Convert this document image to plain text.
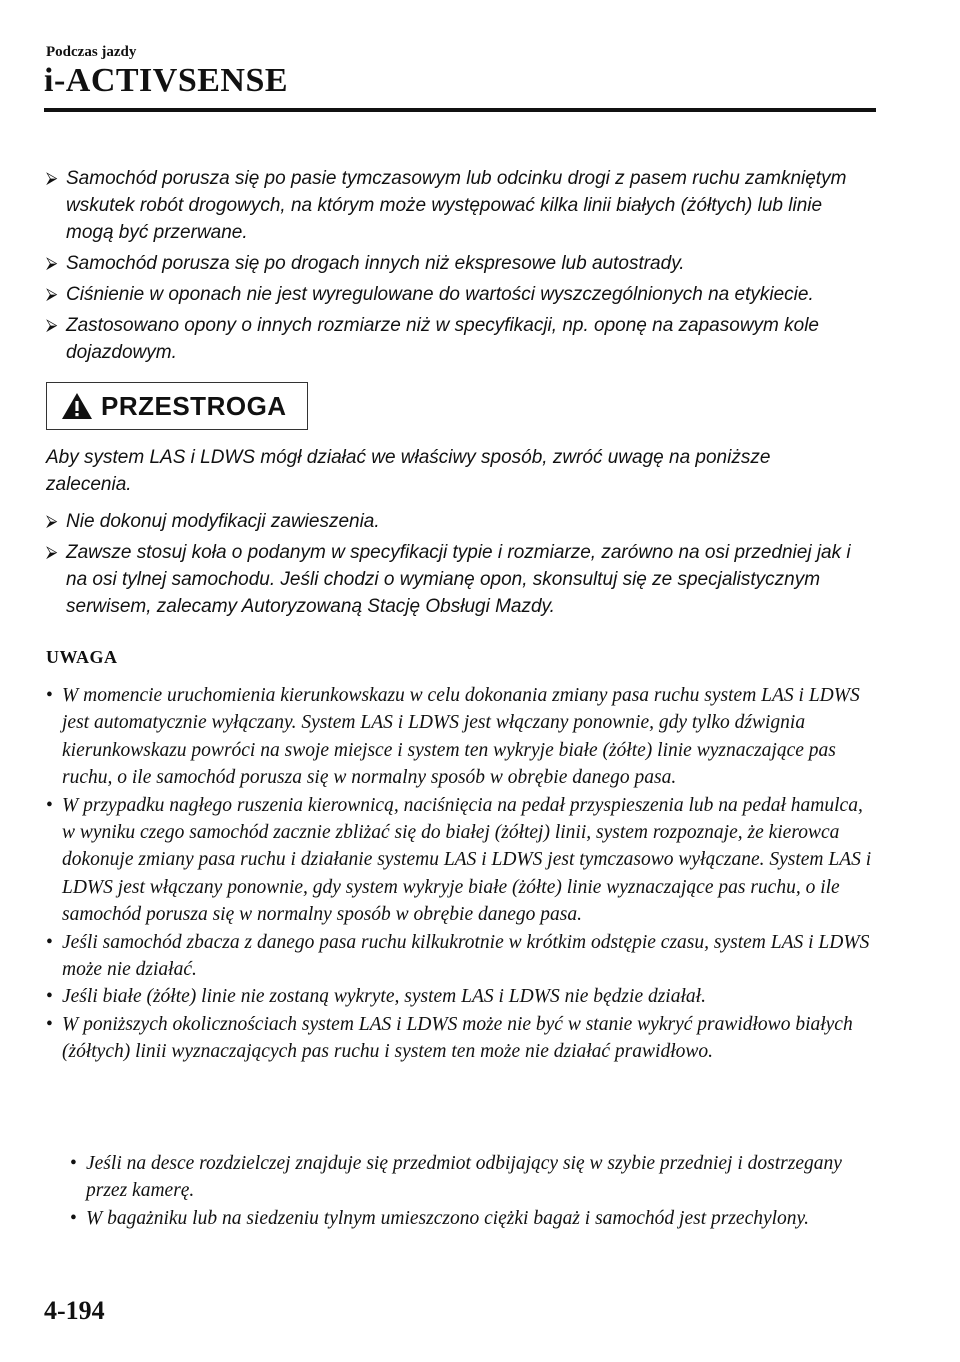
Podczas jazdy
i-ACTIVSENSE
⮚ Samochód porusza się po pasie tymczasowym lub odcinku drogi z pasem ruchu zamkniętym wskutek robót drogowych, na którym może występować kilka linii białych (żółtych) lub linie mogą być przerwane.
⮚ Samochód porusza się po drogach innych niż ekspresowe lub autostrady.
⮚ Ciśnienie w oponach nie jest wyregulowane do wartości wyszczególnionych na etykiecie.
⮚ Zastosowano opony o innych rozmiarze niż w specyfikacji, np. oponę na zapasowym kole dojazdowym.
PRZESTROGA
Aby system LAS i LDWS mógł działać we właściwy sposób, zwróć uwagę na poniższe zalecenia.
⮚ Nie dokonuj modyfikacji zawieszenia.
⮚ Zawsze stosuj koła o podanym w specyfikacji typie i rozmiarze, zarówno na osi przedniej jak i na osi tylnej samochodu. Jeśli chodzi o wymianę opon, skonsultuj się ze specjalistycznym serwisem, zalecamy Autoryzowaną Stację Obsługi Mazdy.
UWAGA
• W momencie uruchomienia kierunkowskazu w celu dokonania zmiany pasa ruchu system LAS i LDWS jest automatycznie wyłączany. System LAS i LDWS jest włączany ponownie, gdy tylko dźwignia kierunkowskazu powróci na swoje miejsce i system ten wykryje białe (żółte) linie wyznaczające pas ruchu, o ile samochód porusza się w normalny sposób w obrębie danego pasa.
• W przypadku nagłego ruszenia kierownicą, naciśnięcia na pedał przyspieszenia lub na pedał hamulca, w wyniku czego samochód zacznie zbliżać się do białej (żółtej) linii, system rozpoznaje, że kierowca dokonuje zmiany pasa ruchu i działanie systemu LAS i LDWS jest tymczasowo wyłączane. System LAS i LDWS jest włączany ponownie, gdy system wykryje białe (żółte) linie wyznaczające pas ruchu, o ile samochód porusza się w normalny sposób w obrębie danego pasa.
• Jeśli samochód zbacza z danego pasa ruchu kilkukrotnie w krótkim odstępie czasu, system LAS i LDWS może nie działać.
• Jeśli białe (żółte) linie nie zostaną wykryte, system LAS i LDWS nie będzie działał.
• W poniższych okolicznościach system LAS i LDWS może nie być w stanie wykryć prawidłowo białych (żółtych) linii wyznaczających pas ruchu i system ten może nie działać prawidłowo.
• Jeśli na desce rozdzielczej znajduje się przedmiot odbijający się w szybie przedniej i dostrzegany przez kamerę.
• W bagażniku lub na siedzeniu tylnym umieszczono ciężki bagaż i samochód jest przechylony.
4-194
